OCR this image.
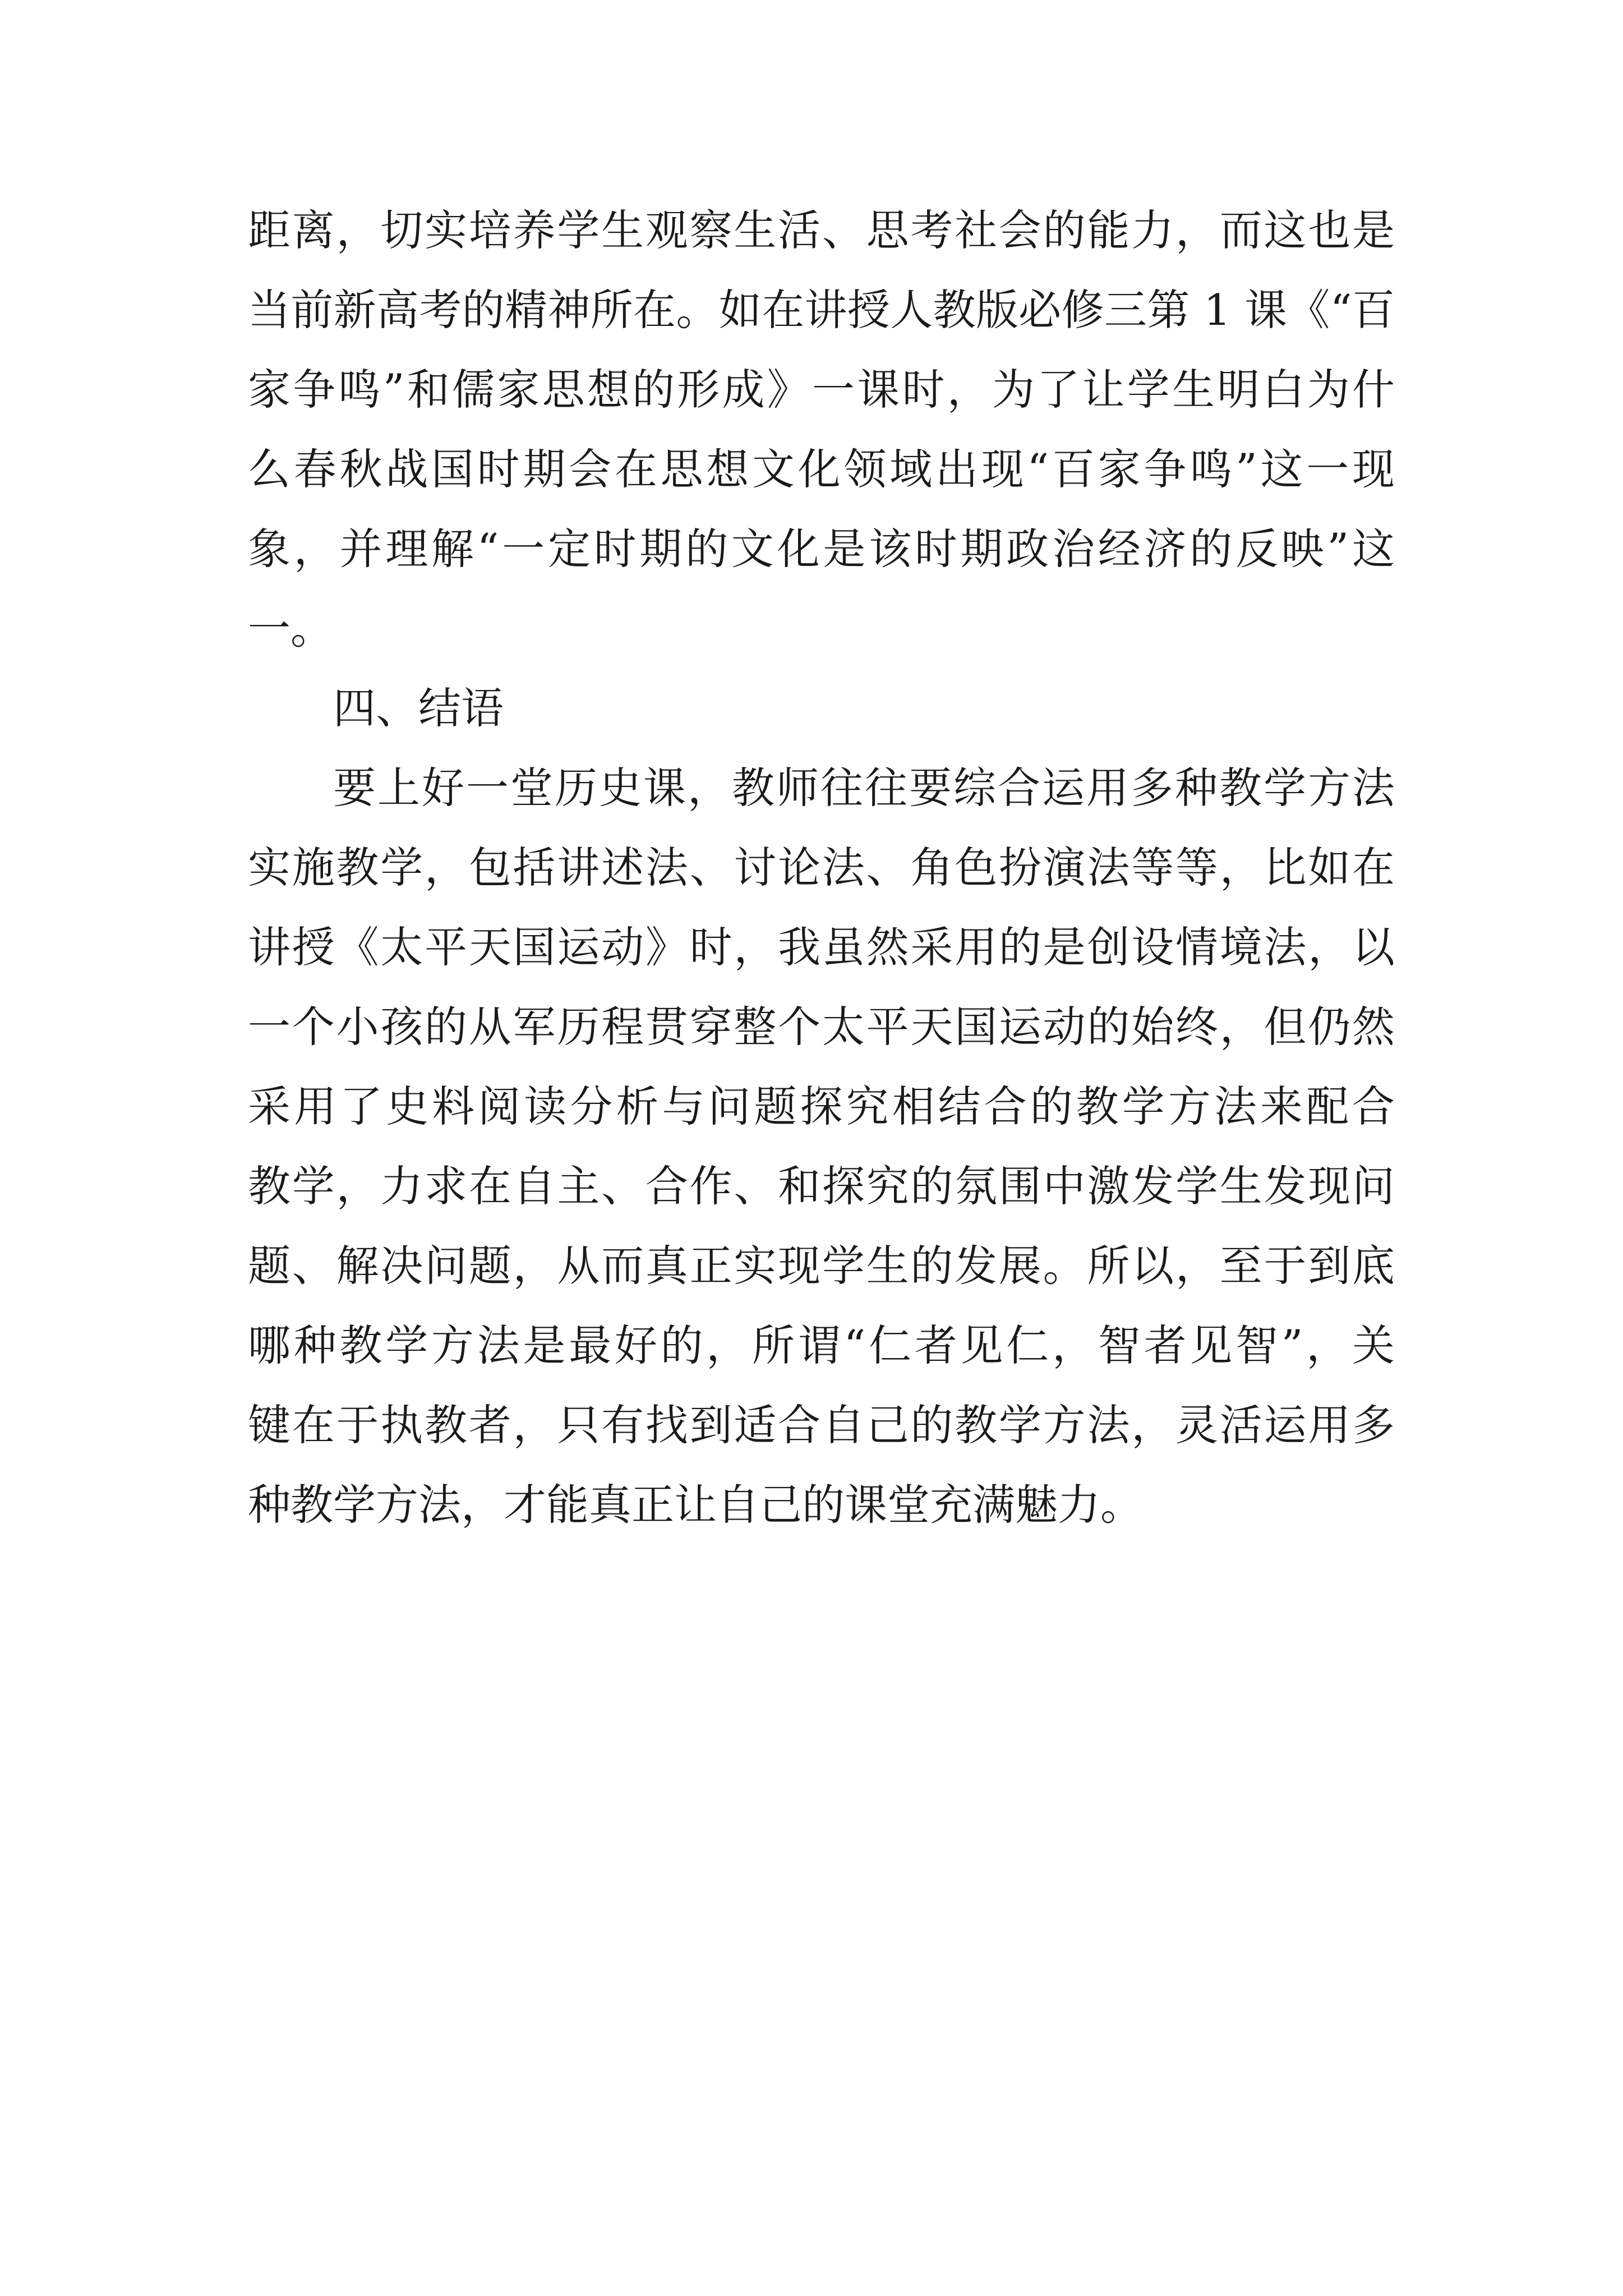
距离，切实培养学生观察生活、思考社会的能力，而这也是
当前新高考的精神所在。如在讲授人教版必修三第 1 课《“百
家争鸣”和儒家思想的形成》一课时，为了让学生明白为什
么春秋战国时期会在思想文化领域出现“百家争鸣”这一现
象，并理解“一定时期的文化是该时期政治经济的反映”这
一。
四、结语
要上好一堂历史课，教师往往要综合运用多种教学方法
实施教学，包括讲述法、讨论法、角色扮演法等等，比如在
讲授《太平天国运动》时，我虽然采用的是创设情境法，以
一个小孩的从军历程贯穿整个太平天国运动的始终，但仍然
采用了史料阅读分析与问题探究相结合的教学方法来配合
教学，力求在自主、合作、和探究的氛围中激发学生发现问
题、解决问题，从而真正实现学生的发展。所以，至于到底
哪种教学方法是最好的，所谓“仁者见仁，智者见智”，关
键在于执教者，只有找到适合自己的教学方法，灵活运用多
种教学方法，才能真正让自己的课堂充满魅力。
